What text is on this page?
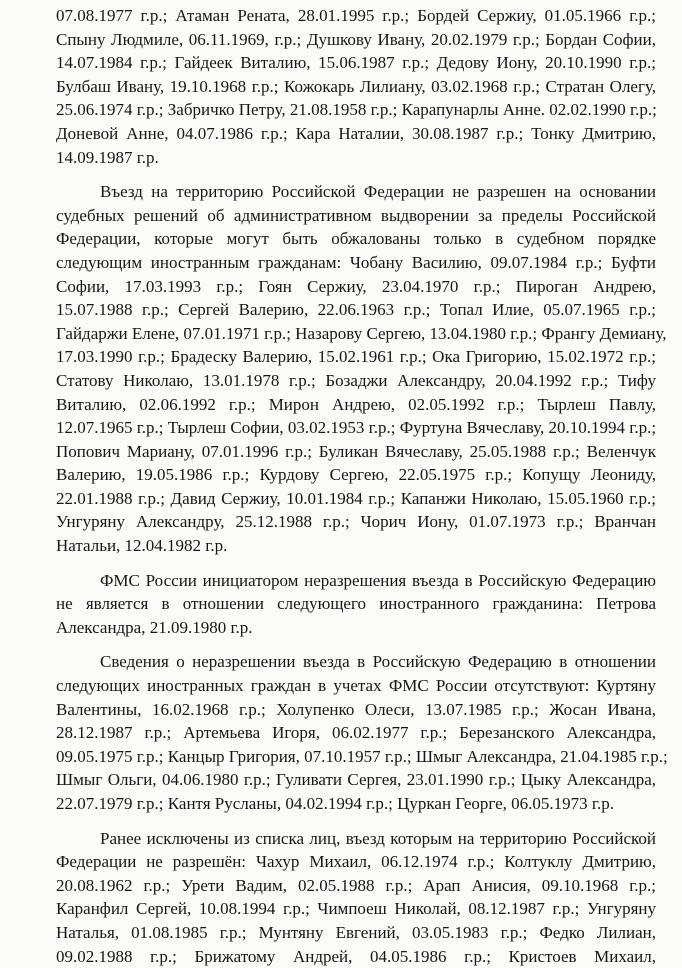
07.08.1977 г.р.; Атаман Рената, 28.01.1995 г.р.; Бордей Сержиу, 01.05.1966 г.р.;
Спыну Людмиле, 06.11.1969, г.р.; Душкову Ивану, 20.02.1979 г.р.; Бордан Софии,
14.07.1984 г.р.; Гайдеек Виталию, 15.06.1987 г.р.; Дедову Иону, 20.10.1990 г.р.;
Булбаш Ивану, 19.10.1968 г.р.; Кожокарь Лилиану, 03.02.1968 г.р.; Стратан Олегу,
25.06.1974 г.р.; Забричко Петру, 21.08.1958 г.р.; Карапунарлы Анне. 02.02.1990 г.р.;
Доневой Анне, 04.07.1986 г.р.; Кара Наталии, 30.08.1987 г.р.; Тонку Дмитрию,
14.09.1987 г.р.
Въезд на территорию Российской Федерации не разрешен на основании
судебных решений об административном выдворении за пределы Российской
Федерации, которые могут быть обжалованы только в судебном порядке
следующим иностранным гражданам: Чобану Василию, 09.07.1984 г.р.; Буфти
Софии, 17.03.1993 г.р.; Гоян Сержиу, 23.04.1970 г.р.; Пироган Андрею,
15.07.1988 г.р.; Сергей Валерию, 22.06.1963 г.р.; Топал Илие, 05.07.1965 г.р.;
Гайдаржи Елене, 07.01.1971 г.р.; Назарову Сергею, 13.04.1980 г.р.; Франгу Демиану,
17.03.1990 г.р.; Брадеску Валерию, 15.02.1961 г.р.; Ока Григорию, 15.02.1972 г.р.;
Статову Николаю, 13.01.1978 г.р.; Бозаджи Александру, 20.04.1992 г.р.; Тифу
Виталию, 02.06.1992 г.р.; Мирон Андрею, 02.05.1992 г.р.; Тырлеш Павлу,
12.07.1965 г.р.; Тырлеш Софии, 03.02.1953 г.р.; Фуртуна Вячеславу, 20.10.1994 г.р.;
Попович Мариану, 07.01.1996 г.р.; Буликан Вячеславу, 25.05.1988 г.р.; Веленчук
Валерию, 19.05.1986 г.р.; Курдову Сергею, 22.05.1975 г.р.; Копущу Леониду,
22.01.1988 г.р.; Давид Сержиу, 10.01.1984 г.р.; Капанжи Николаю, 15.05.1960 г.р.;
Унгуряну Александру, 25.12.1988 г.р.; Чорич Иону, 01.07.1973 г.р.; Вранчан
Натальи, 12.04.1982 г.р.
ФМС России инициатором неразрешения въезда в Российскую Федерацию
не является в отношении следующего иностранного гражданина: Петрова
Александра, 21.09.1980 г.р.
Сведения о неразрешении въезда в Российскую Федерацию в отношении
следующих иностранных граждан в учетах ФМС России отсутствуют: Куртяну
Валентины, 16.02.1968 г.р.; Холупенко Олеси, 13.07.1985 г.р.; Жосан Ивана,
28.12.1987 г.р.; Артемьева Игоря, 06.02.1977 г.р.; Березанского Александра,
09.05.1975 г.р.; Канцыр Григория, 07.10.1957 г.р.; Шмыг Александра, 21.04.1985 г.р.;
Шмыг Ольги, 04.06.1980 г.р.; Гуливати Сергея, 23.01.1990 г.р.; Цыку Александра,
22.07.1979 г.р.; Кантя Русланы, 04.02.1994 г.р.; Цуркан Георге, 06.05.1973 г.р.
Ранее исключены из списка лиц, въезд которым на территорию Российской
Федерации не разрешён: Чахур Михаил, 06.12.1974 г.р.; Колтуклу Дмитрию,
20.08.1962 г.р.; Урети Вадим, 02.05.1988 г.р.; Арап Анисия, 09.10.1968 г.р.;
Каранфил Сергей, 10.08.1994 г.р.; Чимпоеш Николай, 08.12.1987 г.р.; Унгуряну
Наталья, 01.08.1985 г.р.; Мунтяну Евгений, 03.05.1983 г.р.; Федко Лилиан,
09.02.1988 г.р.; Брижатому Андрей, 04.05.1986 г.р.; Кристоев Михаил,
